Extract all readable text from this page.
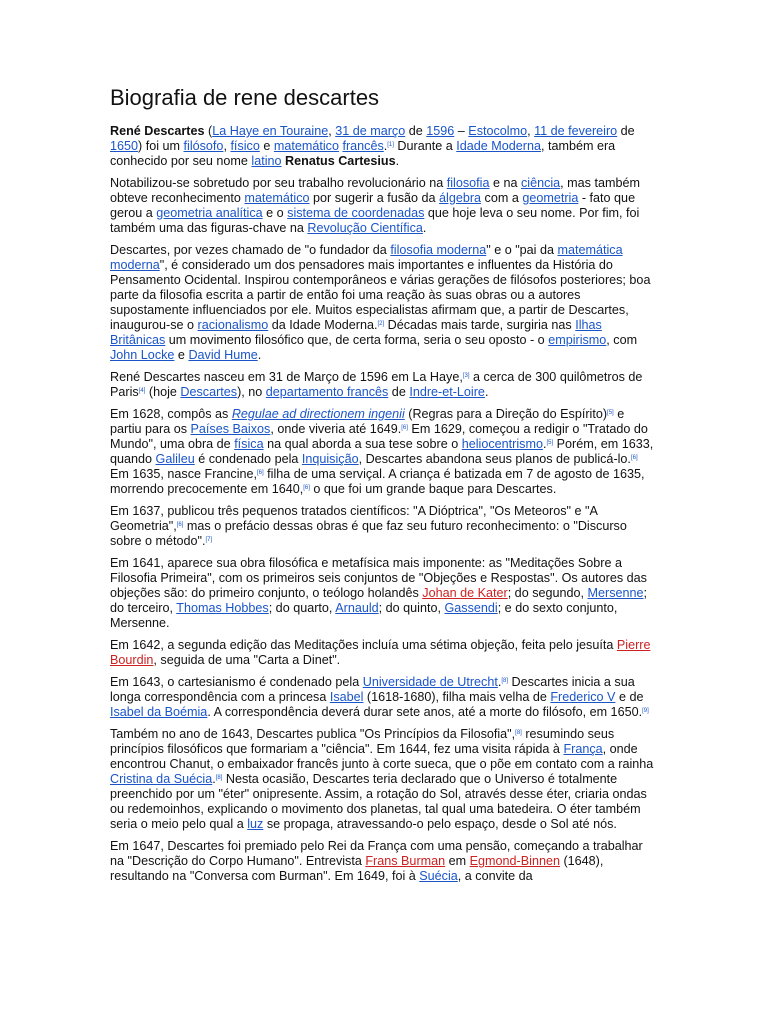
Biografia de rene descartes

René Descartes (La Haye en Touraine, 31 de março de 1596 – Estocolmo, 11 de fevereiro de 1650) foi um filósofo, físico e matemático francês.[1] Durante a Idade Moderna, também era conhecido por seu nome latino Renatus Cartesius.

Notabilizou-se sobretudo por seu trabalho revolucionário na filosofia e na ciência, mas também obteve reconhecimento matemático por sugerir a fusão da álgebra com a geometria - fato que gerou a geometria analítica e o sistema de coordenadas que hoje leva o seu nome. Por fim, foi também uma das figuras-chave na Revolução Científica.

Descartes, por vezes chamado de "o fundador da filosofia moderna" e o "pai da matemática moderna", é considerado um dos pensadores mais importantes e influentes da História do Pensamento Ocidental. Inspirou contemporâneos e várias gerações de filósofos posteriores; boa parte da filosofia escrita a partir de então foi uma reação às suas obras ou a autores supostamente influenciados por ele. Muitos especialistas afirmam que, a partir de Descartes, inaugurou-se o racionalismo da Idade Moderna.[2] Décadas mais tarde, surgiria nas Ilhas Britânicas um movimento filosófico que, de certa forma, seria o seu oposto - o empirismo, com John Locke e David Hume.

René Descartes nasceu em 31 de Março de 1596 em La Haye,[3] a cerca de 300 quilômetros de Paris[4] (hoje Descartes), no departamento francês de Indre-et-Loire.

Em 1628, compôs as Regulae ad directionem ingenii (Regras para a Direção do Espírito)[5] e partiu para os Países Baixos, onde viveria até 1649.[6] Em 1629, começou a redigir o "Tratado do Mundo", uma obra de física na qual aborda a sua tese sobre o heliocentrismo.[5] Porém, em 1633, quando Galileu é condenado pela Inquisição, Descartes abandona seus planos de publicá-lo.[6] Em 1635, nasce Francine,[6] filha de uma serviçal. A criança é batizada em 7 de agosto de 1635, morrendo precocemente em 1640,[6] o que foi um grande baque para Descartes.

Em 1637, publicou três pequenos tratados científicos: "A Dióptrica", "Os Meteoros" e "A Geometria",[6] mas o prefácio dessas obras é que faz seu futuro reconhecimento: o "Discurso sobre o método".[7]

Em 1641, aparece sua obra filosófica e metafísica mais imponente: as "Meditações Sobre a Filosofia Primeira", com os primeiros seis conjuntos de "Objeções e Respostas". Os autores das objeções são: do primeiro conjunto, o teólogo holandês Johan de Kater; do segundo, Mersenne; do terceiro, Thomas Hobbes; do quarto, Arnauld; do quinto, Gassendi; e do sexto conjunto, Mersenne.

Em 1642, a segunda edição das Meditações incluía uma sétima objeção, feita pelo jesuíta Pierre Bourdin, seguida de uma "Carta a Dinet".

Em 1643, o cartesianismo é condenado pela Universidade de Utrecht.[8] Descartes inicia a sua longa correspondência com a princesa Isabel (1618-1680), filha mais velha de Frederico V e de Isabel da Boémia. A correspondência deverá durar sete anos, até a morte do filósofo, em 1650.[9]

Também no ano de 1643, Descartes publica "Os Princípios da Filosofia",[8] resumindo seus princípios filosóficos que formariam a "ciência". Em 1644, fez uma visita rápida à França, onde encontrou Chanut, o embaixador francês junto à corte sueca, que o põe em contato com a rainha Cristina da Suécia.[8] Nesta ocasião, Descartes teria declarado que o Universo é totalmente preenchido por um "éter" onipresente. Assim, a rotação do Sol, através desse éter, criaria ondas ou redemoinhos, explicando o movimento dos planetas, tal qual uma batedeira. O éter também seria o meio pelo qual a luz se propaga, atravessando-o pelo espaço, desde o Sol até nós.

Em 1647, Descartes foi premiado pelo Rei da França com uma pensão, começando a trabalhar na "Descrição do Corpo Humano". Entrevista Frans Burman em Egmond-Binnen (1648), resultando na "Conversa com Burman". Em 1649, foi à Suécia, a convite da
